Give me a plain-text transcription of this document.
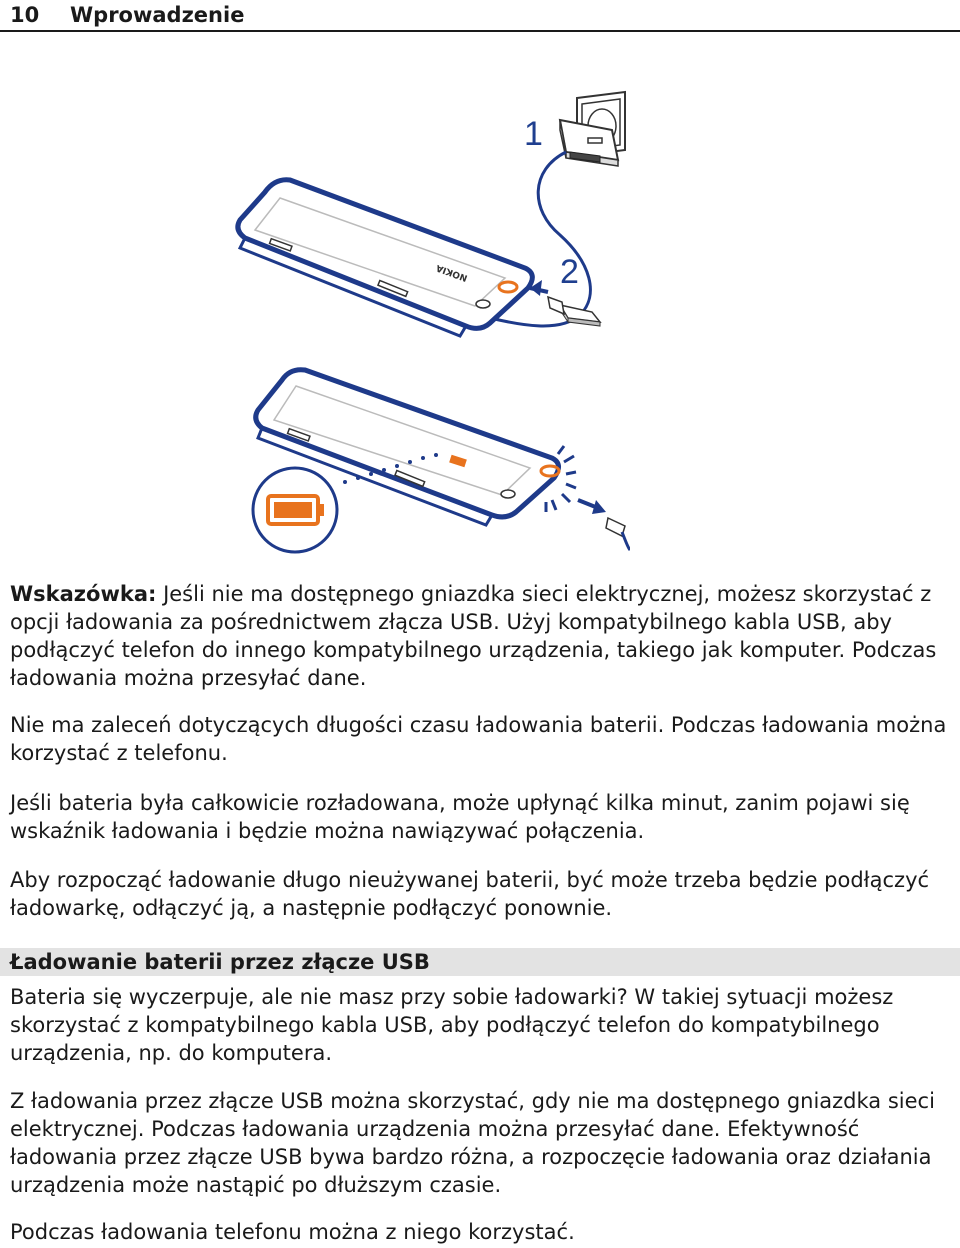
10 Wprowadzenie
1
2
NOKIA

Wskazówka: Jeśli nie ma dostępnego gniazdka sieci elektrycznej, możesz skorzystać z opcji ładowania za pośrednictwem złącza USB. Użyj kompatybilnego kabla USB, aby podłączyć telefon do innego kompatybilnego urządzenia, takiego jak komputer. Podczas ładowania można przesyłać dane.

Nie ma zaleceń dotyczących długości czasu ładowania baterii. Podczas ładowania można korzystać z telefonu.

Jeśli bateria była całkowicie rozładowana, może upłynąć kilka minut, zanim pojawi się wskaźnik ładowania i będzie można nawiązywać połączenia.

Aby rozpocząć ładowanie długo nieużywanej baterii, być może trzeba będzie podłączyć ładowarkę, odłączyć ją, a następnie podłączyć ponownie.

Ładowanie baterii przez złącze USB

Bateria się wyczerpuje, ale nie masz przy sobie ładowarki? W takiej sytuacji możesz skorzystać z kompatybilnego kabla USB, aby podłączyć telefon do kompatybilnego urządzenia, np. do komputera.

Z ładowania przez złącze USB można skorzystać, gdy nie ma dostępnego gniazdka sieci elektrycznej. Podczas ładowania urządzenia można przesyłać dane. Efektywność ładowania przez złącze USB bywa bardzo różna, a rozpoczęcie ładowania oraz działania urządzenia może nastąpić po dłuższym czasie.

Podczas ładowania telefonu można z niego korzystać.
